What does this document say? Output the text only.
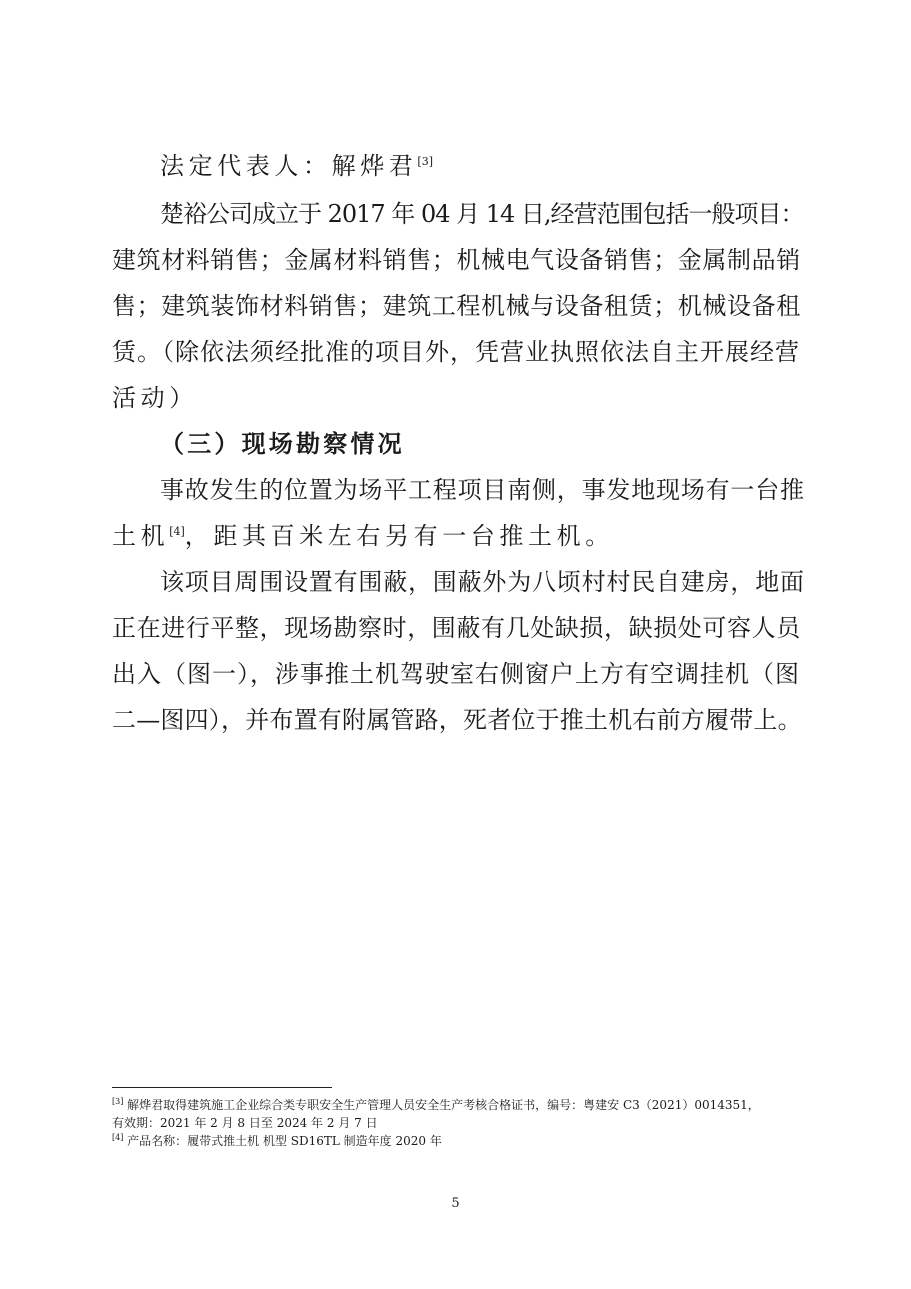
法定代表人：解烨君[3]
楚裕公司成立于 2017 年 04 月 14 日,经营范围包括一般项目：
建筑材料销售；金属材料销售；机械电气设备销售；金属制品销
售；建筑装饰材料销售；建筑工程机械与设备租赁；机械设备租
赁。（除依法须经批准的项目外，凭营业执照依法自主开展经营
活动）
（三）现场勘察情况
事故发生的位置为场平工程项目南侧，事发地现场有一台推
土机[4]，距其百米左右另有一台推土机。
该项目周围设置有围蔽，围蔽外为八顷村村民自建房，地面
正在进行平整，现场勘察时，围蔽有几处缺损，缺损处可容人员
出入（图一），涉事推土机驾驶室右侧窗户上方有空调挂机（图
二—图四），并布置有附属管路，死者位于推土机右前方履带上。
[3] 解烨君取得建筑施工企业综合类专职安全生产管理人员安全生产考核合格证书，编号：粤建安 C3（2021）0014351，
有效期：2021 年 2 月 8 日至 2024 年 2 月 7 日
[4] 产品名称：履带式推土机 机型 SD16TL 制造年度 2020 年
5
